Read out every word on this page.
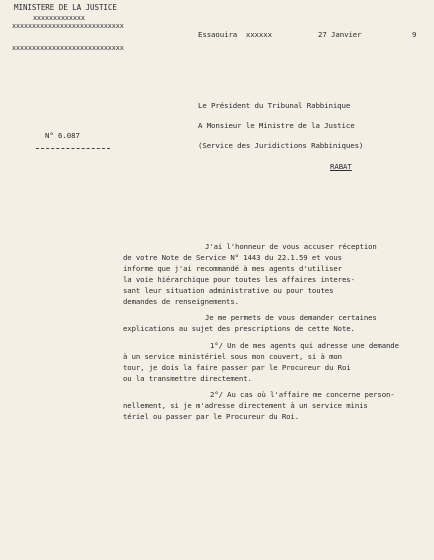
MINISTERE DE LA JUSTICE
xxxxxxxxxxxxx
xxxxxxxxxxxxxxxxxxxxxxxxxxxx
xxxxxxxxxxxxxxxxxxxxxxxxxxxx
Essaouira  xxxxxx	27 Janvier	9
N° 6.087
Le Président du Tribunal Rabbinique
A Monsieur le Ministre de la Justice
(Service des Juridictions Rabbiniques)
RABAT
J'ai l'honneur de vous accuser réception
de votre Note de Service N° 1443 du 22.1.59 et vous
informe que j'ai recommandé à mes agents d'utiliser
la voie hiérarchique pour toutes les affaires interes-
sant leur situation administrative ou pour toutes
demandes de renseignements.
Je me permets de vous demander certaines
explications au sujet des prescriptions de cette Note.
1°/ Un de mes agents qui adresse une demande
à un service ministériel sous mon couvert, si à mon
tour, je dois la faire passer par le Procureur du Roi
ou la transmettre directement.
2°/ Au cas où l'affaire me concerne person-
nellement, si je m'adresse directement à un service minis
tériel ou passer par le Procureur du Roi.
